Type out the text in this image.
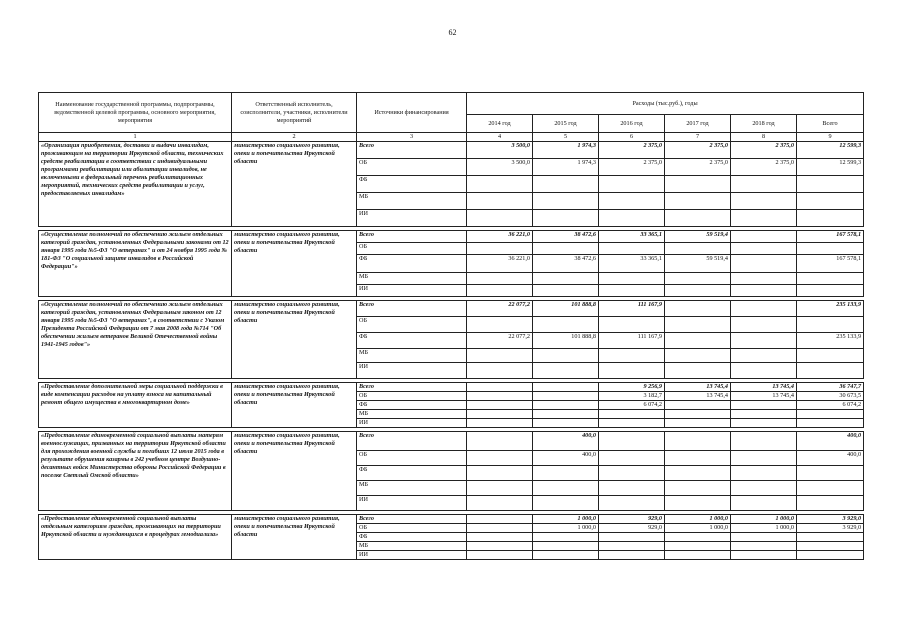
62
Наименование государственной программы, подпрограммы, ведомственной целевой программы, основного мероприятия, мероприятия	Ответственный исполнитель, соисполнители, участники, исполнители мероприятий	Источники финансирования	Расходы (тыс.руб.), годы					
			2014 год	2015 год	2016 год	2017 год	2018 год	Всего
1	2	3	4	5	6	7	8	9
«Организация приобретения, доставки и выдачи инвалидам, проживающим на территории Иркутской области, технических средств реабилитации в соответствии с индивидуальными программами реабилитации или абилитации инвалидов, не включенными в федеральный перечень реабилитационных мероприятий, технических средств реабилитации и услуг, предоставляемых инвалидам»	министерство социального развития, опеки и попечительства Иркутской области	Всего	3 500,0	1 974,3	2 375,0	2 375,0	2 375,0	12 599,3
		ОБ	3 500,0	1 974,3	2 375,0	2 375,0	2 375,0	12 599,3
		ФБ						
		МБ						
		ИИ						

«Осуществление полномочий по обеспечению жильем отдельных категорий граждан, установленных Федеральными законами от 12 января 1995 года №5-ФЗ "О ветеранах" и от 24 ноября 1995 года № 181-ФЗ "О социальной защите инвалидов в Российской Федерации"»	министерство социального развития, опеки и попечительства Иркутской области	Всего	36 221,0	38 472,6	33 365,1	59 519,4		167 578,1
		ОБ						
		ФБ	36 221,0	38 472,6	33 365,1	59 519,4		167 578,1
		МБ						
		ИИ						

«Осуществление полномочий по обеспечению жильем отдельных категорий граждан, установленных Федеральным законом от 12 января 1995 года №5-ФЗ "О ветеранах", в соответствии с Указом Президента Российской Федерации от 7 мая 2008 года №714 "Об обеспечении жильем ветеранов Великой Отечественной войны 1941-1945 годов"»	министерство социального развития, опеки и попечительства Иркутской области	Всего	22 077,2	101 888,8	111 167,9			235 133,9
		ОБ						
		ФБ	22 077,2	101 888,8	111 167,9			235 133,9
		МБ						
		ИИ						

«Предоставление дополнительной меры социальной поддержки в виде компенсации расходов на уплату взноса на капитальный ремонт общего имущества в многоквартирном доме»	министерство социального развития, опеки и попечительства Иркутской области	Всего			9 256,9	13 745,4	13 745,4	36 747,7
		ОБ			3 182,7	13 745,4	13 745,4	30 673,5
		ФБ			6 074,2			6 074,2
		МБ						
		ИИ						

«Предоставление единовременной социальной выплаты матерям военнослужащих, призванных на территории Иркутской области для прохождения военной службы и погибших 12 июля 2015 года в результате обрушения казармы в 242 учебном центре Воздушно-десантных войск Министерства обороны Российской Федерации в поселке Светлый Омской области»	министерство социального развития, опеки и попечительства Иркутской области	Всего		400,0				400,0
		ОБ		400,0				400,0
		ФБ						
		МБ						
		ИИ						

«Предоставление единовременной социальной выплаты отдельным категориям граждан, проживающих на территории Иркутской области и нуждающихся в процедурах гемодиализа»	министерство социального развития, опеки и попечительства Иркутской области	Всего		1 000,0	929,0	1 000,0	1 000,0	3 929,0
		ОБ		1 000,0	929,0	1 000,0	1 000,0	3 929,0
		ФБ						
		МБ						
		ИИ						
